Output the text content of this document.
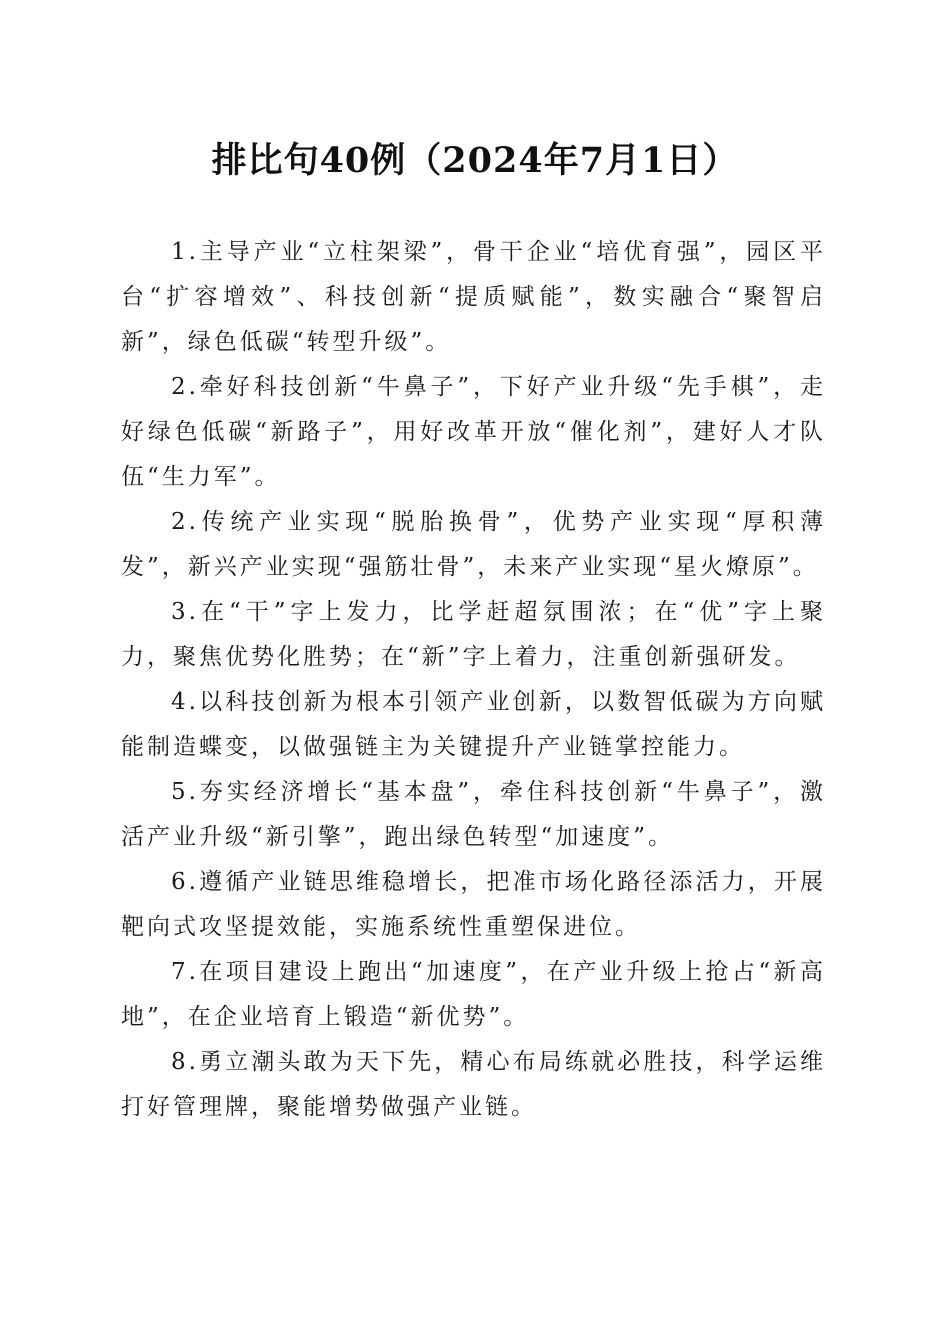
排比句40例（2024年7月1日）

1.主导产业“立柱架梁”，骨干企业“培优育强”，园区平台“扩容增效”、科技创新“提质赋能”，数实融合“聚智启新”，绿色低碳“转型升级”。

2.牵好科技创新“牛鼻子”，下好产业升级“先手棋”，走好绿色低碳“新路子”，用好改革开放“催化剂”，建好人才队伍“生力军”。

2.传统产业实现“脱胎换骨”，优势产业实现“厚积薄发”，新兴产业实现“强筋壮骨”，未来产业实现“星火燎原”。

3.在“干”字上发力，比学赶超氛围浓；在“优”字上聚力，聚焦优势化胜势；在“新”字上着力，注重创新强研发。

4.以科技创新为根本引领产业创新，以数智低碳为方向赋能制造蝶变，以做强链主为关键提升产业链掌控能力。

5.夯实经济增长“基本盘”，牵住科技创新“牛鼻子”，激活产业升级“新引擎”，跑出绿色转型“加速度”。

6.遵循产业链思维稳增长，把准市场化路径添活力，开展靶向式攻坚提效能，实施系统性重塑保进位。

7.在项目建设上跑出“加速度”，在产业升级上抢占“新高地”，在企业培育上锻造“新优势”。

8.勇立潮头敢为天下先，精心布局练就必胜技，科学运维打好管理牌，聚能增势做强产业链。
